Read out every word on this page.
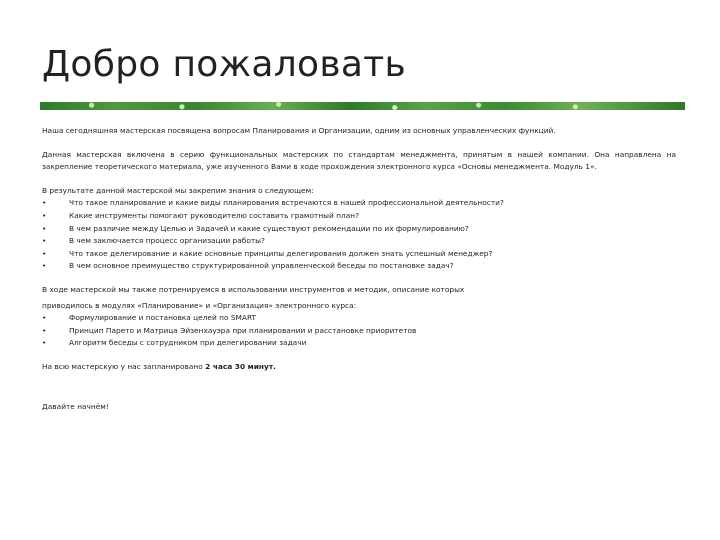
Добро пожаловать

Наша сегодняшняя мастерская посвящена вопросам Планирования и Организации, одним из основных управленческих функций.

Данная мастерская включена в серию функциональных мастерских по стандартам менеджмента, принятым в нашей компании. Она направлена на закрепление теоретического материала, уже изученного Вами в ходе прохождения электронного курса «Основы менеджмента. Модуль 1».

В результате данной мастерской мы закрепим знания о следующем:

•	Что такое планирование и какие виды планирования встречаются в нашей профессиональной деятельности?
•	Какие инструменты помогают руководителю составить грамотный план?
•	В чем различие между Целью и Задачей и какие существуют рекомендации по их формулированию?
•	В чем заключается процесс организации работы?
•	Что такое делегирование и какие основные принципы делегирования должен знать успешный менеджер?
•	В чем основное преимущество структурированной управленческой беседы по постановке задач?

В ходе мастерской мы также потренируемся в использовании инструментов и методик, описание которых

приводилось в модулях «Планирование» и «Организация» электронного курса:

•	Формулирование и постановка целей по SMART
•	Принцип Парето и Матрица Эйзенхауэра при планировании и расстановке приоритетов
•	Алгоритм беседы с сотрудником при делегировании задачи

На всю мастерскую у нас запланировано 2 часа 30 минут.

Давайте начнём!
